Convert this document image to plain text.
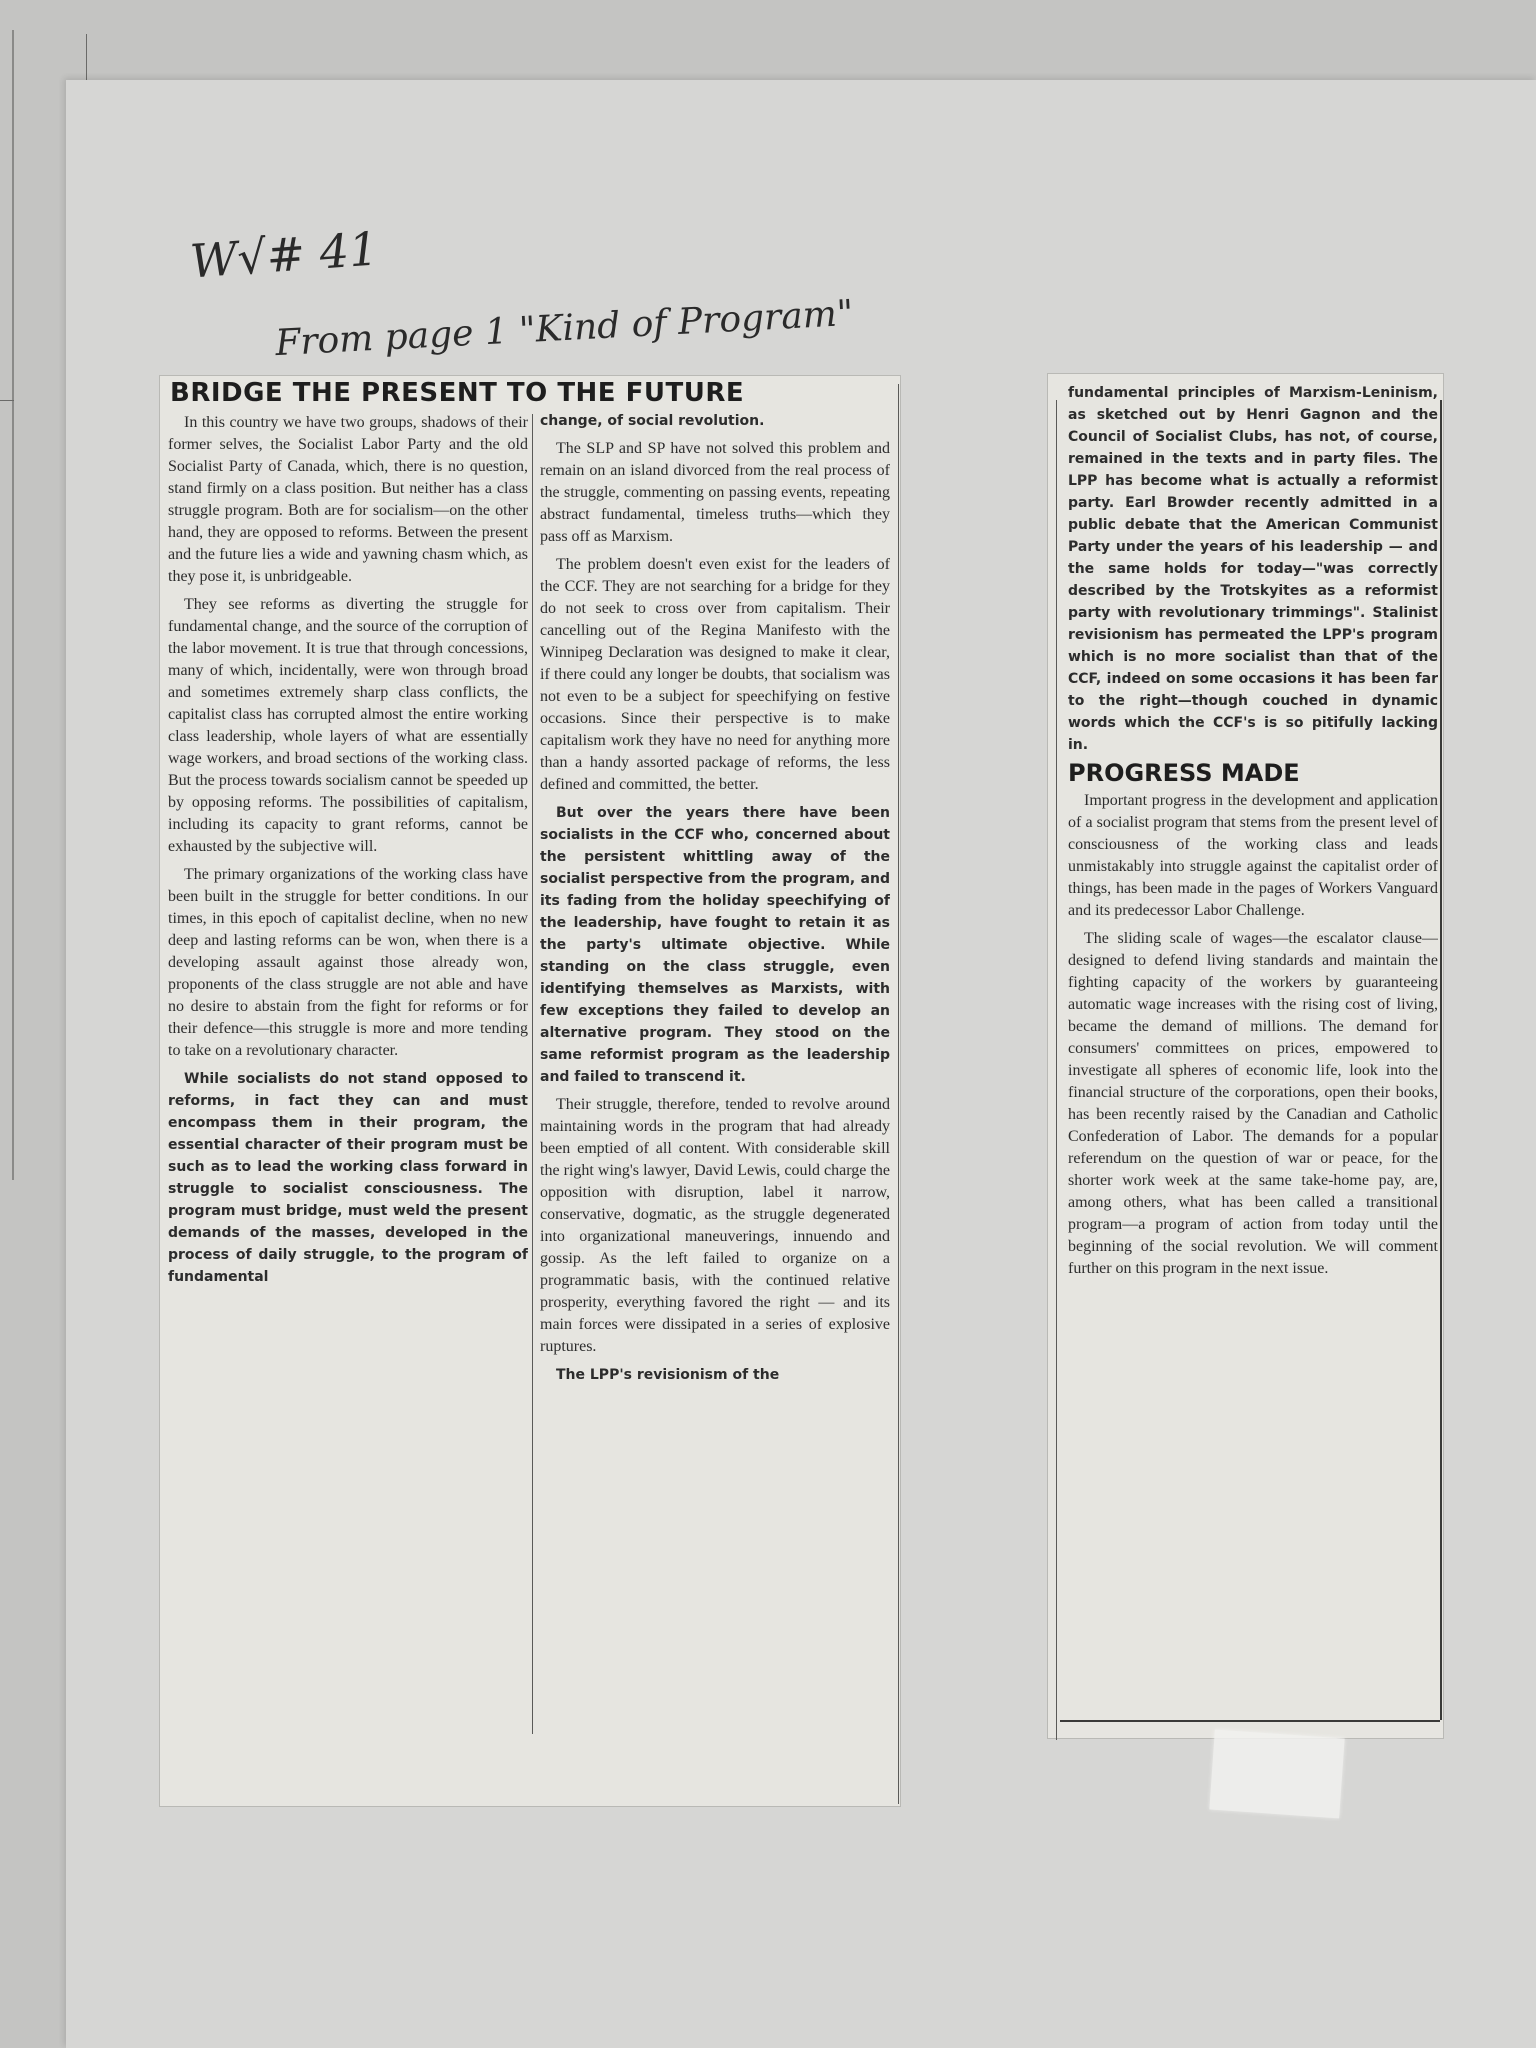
W√# 41
From page 1 "Kind of Program"
BRIDGE THE PRESENT TO THE FUTURE

In this country we have two groups, shadows of their former selves, the Socialist Labor Party and the old Socialist Party of Canada, which, there is no question, stand firmly on a class position. But neither has a class struggle program. Both are for socialism—on the other hand, they are opposed to reforms. Between the present and the future lies a wide and yawning chasm which, as they pose it, is unbridgeable.

They see reforms as diverting the struggle for fundamental change, and the source of the corruption of the labor movement. It is true that through concessions, many of which, incidentally, were won through broad and sometimes extremely sharp class conflicts, the capitalist class has corrupted almost the entire working class leadership, whole layers of what are essentially wage workers, and broad sections of the working class. But the process towards socialism cannot be speeded up by opposing reforms. The possibilities of capitalism, including its capacity to grant reforms, cannot be exhausted by the subjective will.

The primary organizations of the working class have been built in the struggle for better conditions. In our times, in this epoch of capitalist decline, when no new deep and lasting reforms can be won, when there is a developing assault against those already won, proponents of the class struggle are not able and have no desire to abstain from the fight for reforms or for their defence—this struggle is more and more tending to take on a revolutionary character.

While socialists do not stand opposed to reforms, in fact they can and must encompass them in their program, the essential character of their program must be such as to lead the working class forward in struggle to socialist consciousness. The program must bridge, must weld the present demands of the masses, developed in the process of daily struggle, to the program of fundamental

change, of social revolution.

The SLP and SP have not solved this problem and remain on an island divorced from the real process of the struggle, commenting on passing events, repeating abstract fundamental, timeless truths—which they pass off as Marxism.

The problem doesn't even exist for the leaders of the CCF. They are not searching for a bridge for they do not seek to cross over from capitalism. Their cancelling out of the Regina Manifesto with the Winnipeg Declaration was designed to make it clear, if there could any longer be doubts, that socialism was not even to be a subject for speechifying on festive occasions. Since their perspective is to make capitalism work they have no need for anything more than a handy assorted package of reforms, the less defined and committed, the better.

But over the years there have been socialists in the CCF who, concerned about the persistent whittling away of the socialist perspective from the program, and its fading from the holiday speechifying of the leadership, have fought to retain it as the party's ultimate objective. While standing on the class struggle, even identifying themselves as Marxists, with few exceptions they failed to develop an alternative program. They stood on the same reformist program as the leadership and failed to transcend it.

Their struggle, therefore, tended to revolve around maintaining words in the program that had already been emptied of all content. With considerable skill the right wing's lawyer, David Lewis, could charge the opposition with disruption, label it narrow, conservative, dogmatic, as the struggle degenerated into organizational maneuverings, innuendo and gossip. As the left failed to organize on a programmatic basis, with the continued relative prosperity, everything favored the right — and its main forces were dissipated in a series of explosive ruptures.

The LPP's revisionism of the

fundamental principles of Marxism-Leninism, as sketched out by Henri Gagnon and the Council of Socialist Clubs, has not, of course, remained in the texts and in party files. The LPP has become what is actually a reformist party. Earl Browder recently admitted in a public debate that the American Communist Party under the years of his leadership — and the same holds for today—"was correctly described by the Trotskyites as a reformist party with revolutionary trimmings". Stalinist revisionism has permeated the LPP's program which is no more socialist than that of the CCF, indeed on some occasions it has been far to the right—though couched in dynamic words which the CCF's is so pitifully lacking in.

PROGRESS MADE

Important progress in the development and application of a socialist program that stems from the present level of consciousness of the working class and leads unmistakably into struggle against the capitalist order of things, has been made in the pages of Workers Vanguard and its predecessor Labor Challenge.

The sliding scale of wages—the escalator clause—designed to defend living standards and maintain the fighting capacity of the workers by guaranteeing automatic wage increases with the rising cost of living, became the demand of millions. The demand for consumers' committees on prices, empowered to investigate all spheres of economic life, look into the financial structure of the corporations, open their books, has been recently raised by the Canadian and Catholic Confederation of Labor. The demands for a popular referendum on the question of war or peace, for the shorter work week at the same take-home pay, are, among others, what has been called a transitional program—a program of action from today until the beginning of the social revolution. We will comment further on this program in the next issue.
